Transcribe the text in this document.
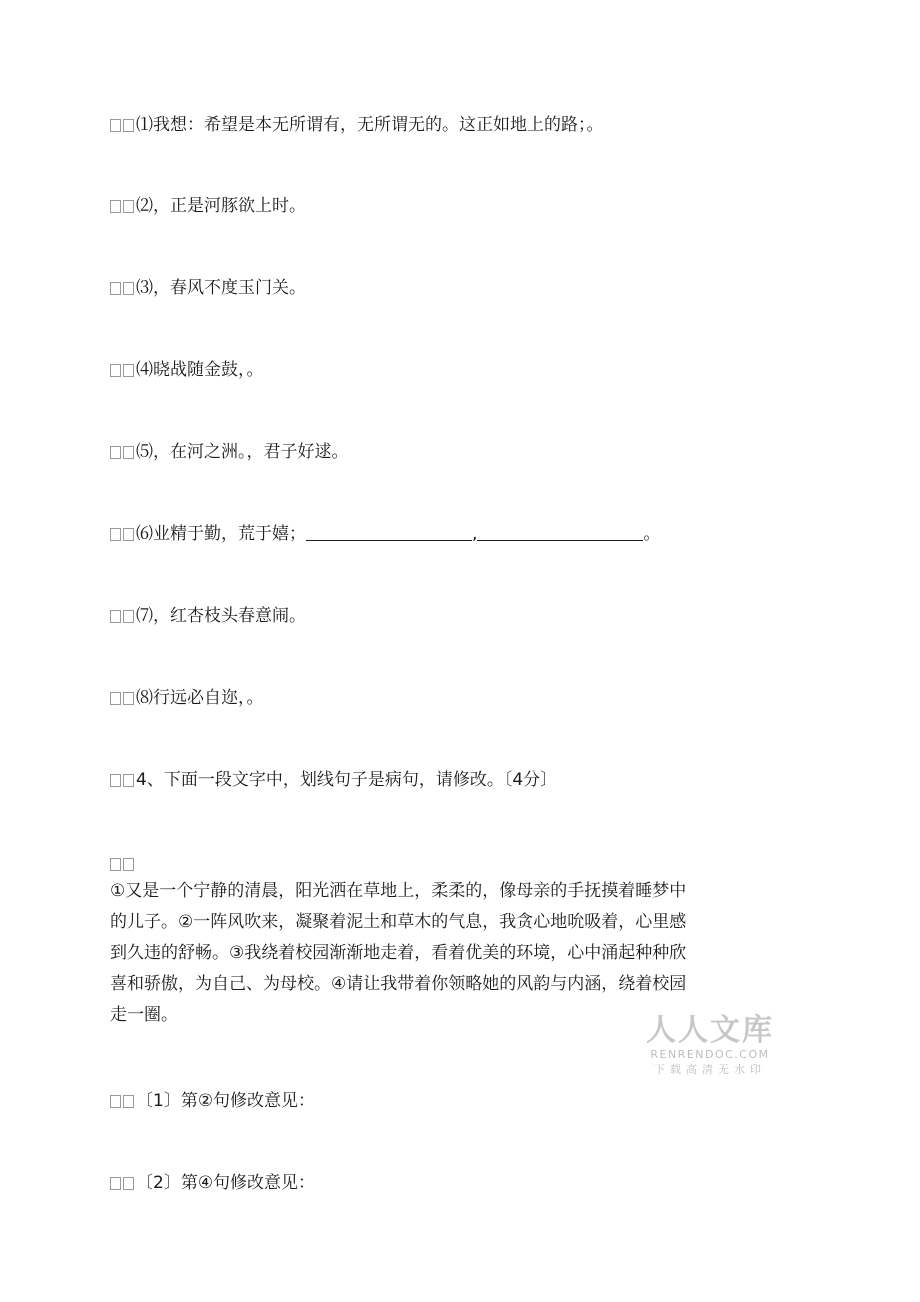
⑴我想：希望是本无所谓有，无所谓无的。这正如地上的路；。
⑵，正是河豚欲上时。
⑶，春风不度玉门关。
⑷晓战随金鼓，。
⑸，在河之洲。，君子好逑。
⑹业精于勤，荒于嬉；	,	。
⑺，红杏枝头春意闹。
⑻行远必自迩，。
4、下面一段文字中，划线句子是病句，请修改。〔4分〕
①又是一个宁静的清晨，阳光洒在草地上，柔柔的，像母亲的手抚摸着睡梦中
的儿子。②一阵风吹来，凝聚着泥土和草木的气息，我贪心地吮吸着，心里感
到久违的舒畅。③我绕着校园渐渐地走着，看着优美的环境，心中涌起种种欣
喜和骄傲，为自己、为母校。④请让我带着你领略她的风韵与内涵，绕着校园
走一圈。	人人文库
RENRENDOC.COM
下载高清无水印
〔1〕第②句修改意见：
〔2〕第④句修改意见：
